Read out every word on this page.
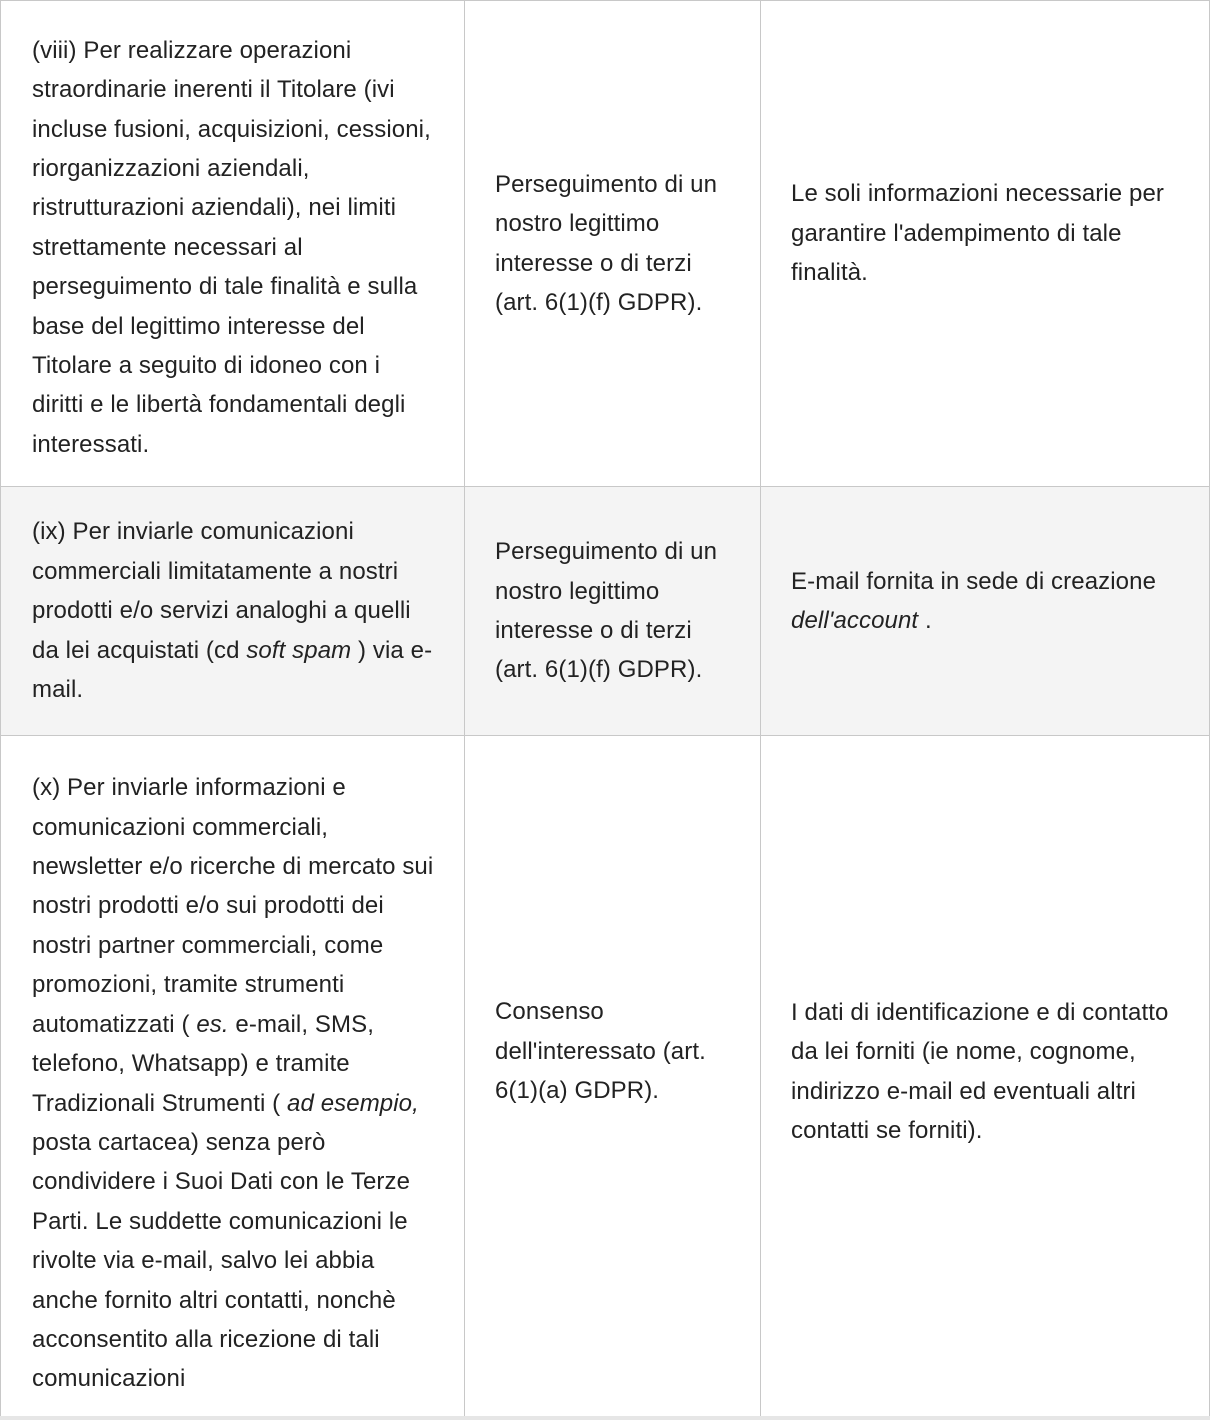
(viii) Per realizzare operazioni straordinarie inerenti il Titolare (ivi incluse fusioni, acquisizioni, cessioni, riorganizzazioni aziendali, ristrutturazioni aziendali), nei limiti strettamente necessari al perseguimento di tale finalità e sulla base del legittimo interesse del Titolare a seguito di idoneo con i diritti e le libertà fondamentali degli interessati.	Perseguimento di un nostro legittimo interesse o di terzi (art. 6(1)(f) GDPR).	Le soli informazioni necessarie per garantire l'adempimento di tale finalità.
(ix) Per inviarle comunicazioni commerciali limitatamente a nostri prodotti e/o servizi analoghi a quelli da lei acquistati (cd soft spam ) via e-mail.	Perseguimento di un nostro legittimo interesse o di terzi (art. 6(1)(f) GDPR).	E-mail fornita in sede di creazione dell'account .
(x) Per inviarle informazioni e comunicazioni commerciali, newsletter e/o ricerche di mercato sui nostri prodotti e/o sui prodotti dei nostri partner commerciali, come promozioni, tramite strumenti automatizzati ( es. e-mail, SMS, telefono, Whatsapp) e tramite Tradizionali Strumenti ( ad esempio, posta cartacea) senza però condividere i Suoi Dati con le Terze Parti. Le suddette comunicazioni le rivolte via e-mail, salvo lei abbia anche fornito altri contatti, nonchè acconsentito alla ricezione di tali comunicazioni	Consenso dell'interessato (art. 6(1)(a) GDPR).	I dati di identificazione e di contatto da lei forniti (ie nome, cognome, indirizzo e-mail ed eventuali altri contatti se forniti).
